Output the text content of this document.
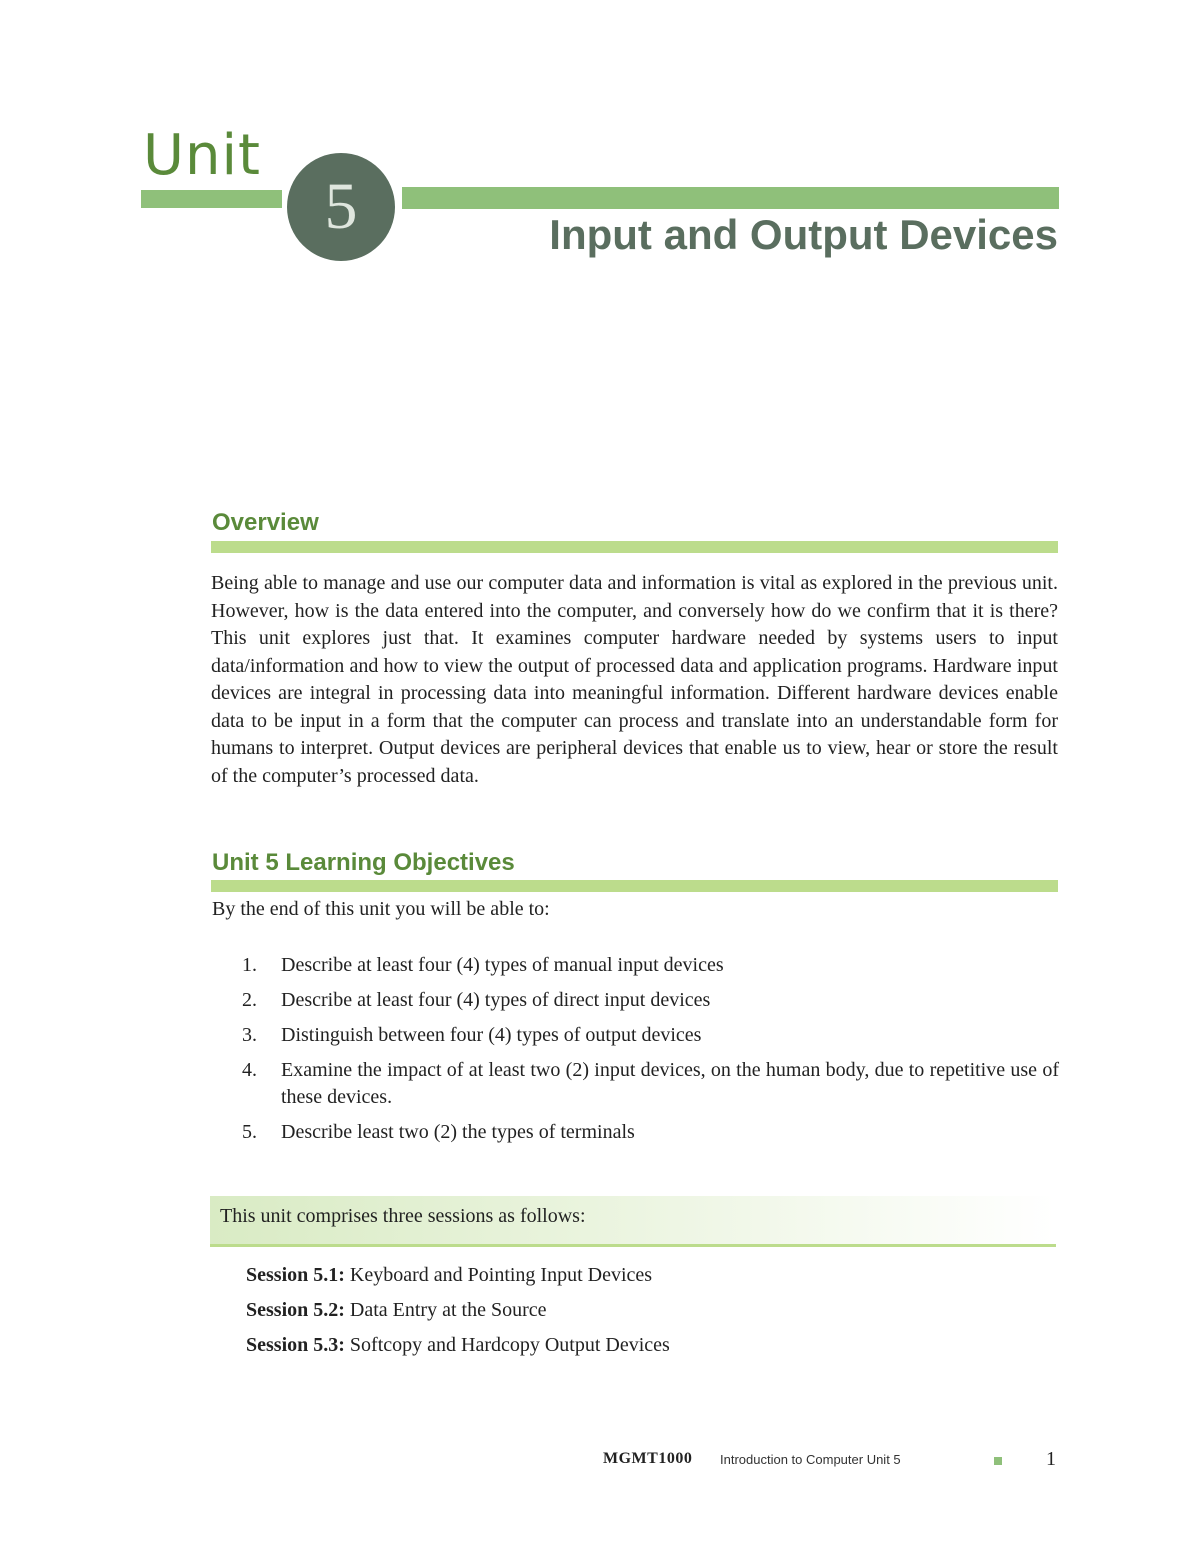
Unit
5	Input and Output Devices
Overview
Being able to manage and use our computer data and information is vital as explored in the previous unit. However, how is the data entered into the computer, and conversely how do we confirm that it is there? This unit explores just that. It examines computer hardware needed by systems users to input data/information and how to view the output of processed data and application programs. Hardware input devices are integral in processing data into meaningful information. Different hardware devices enable data to be input in a form that the computer can process and translate into an understandable form for humans to interpret. Output devices are peripheral devices that enable us to view, hear or store the result of the computer’s processed data.
Unit 5 Learning Objectives
By the end of this unit you will be able to:
1. Describe at least four (4) types of manual input devices
2. Describe at least four (4) types of direct input devices
3. Distinguish between four (4) types of output devices
4. Examine the impact of at least two (2) input devices, on the human body, due to repetitive use of these devices.
5. Describe least two (2) the types of terminals
This unit comprises three sessions as follows:
Session 5.1: Keyboard and Pointing Input Devices
Session 5.2: Data Entry at the Source
Session 5.3: Softcopy and Hardcopy Output Devices
MGMT1000 Introduction to Computer Unit 5	1
